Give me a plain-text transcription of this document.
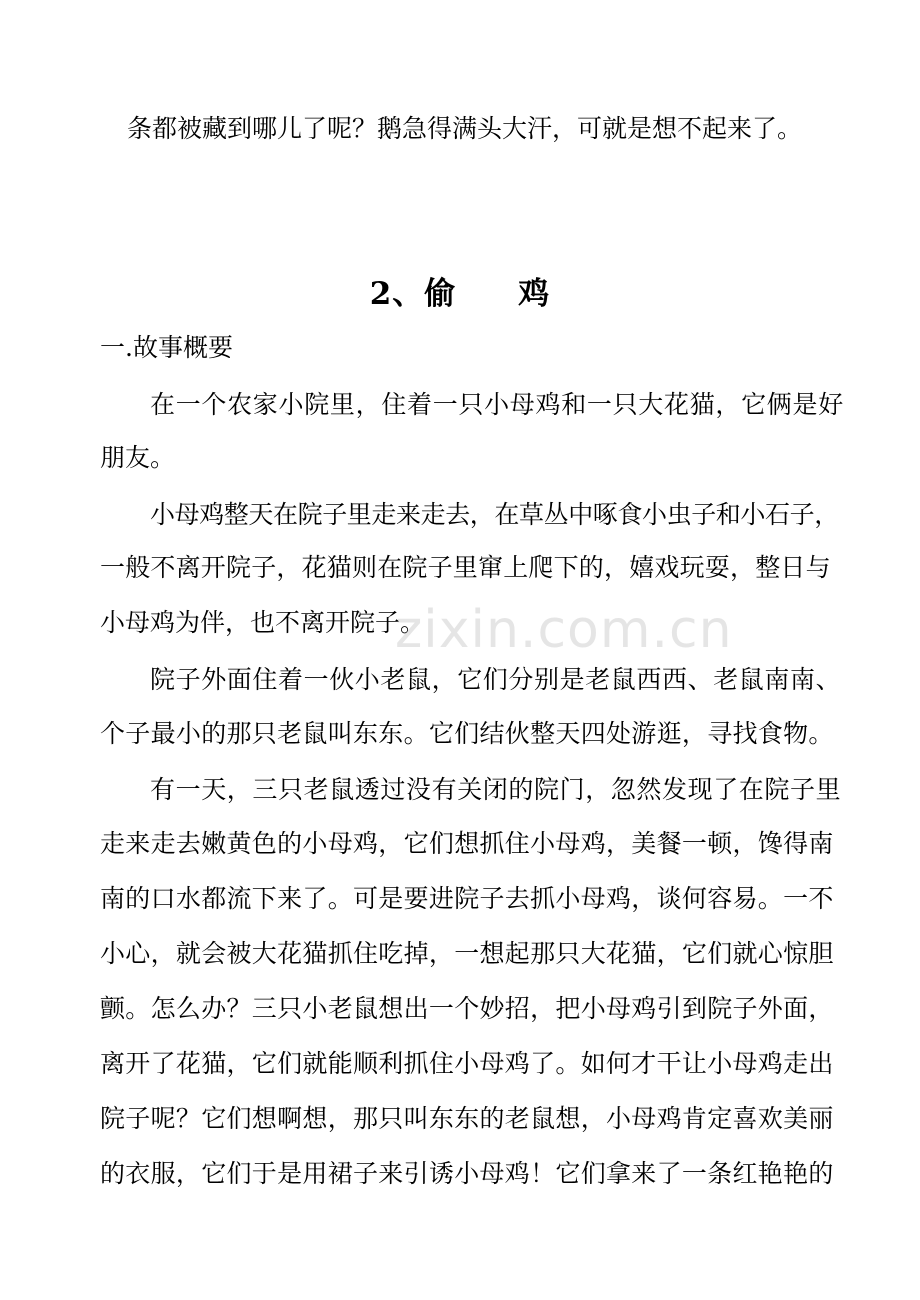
条都被藏到哪儿了呢？鹅急得满头大汗，可就是想不起来了。
2、偷 鸡
一.故事概要
在一个农家小院里，住着一只小母鸡和一只大花猫，它俩是好
朋友。
小母鸡整天在院子里走来走去，在草丛中啄食小虫子和小石子，
一般不离开院子，花猫则在院子里窜上爬下的，嬉戏玩耍，整日与
小母鸡为伴，也不离开院子。
院子外面住着一伙小老鼠，它们分别是老鼠西西、老鼠南南、
个子最小的那只老鼠叫东东。它们结伙整天四处游逛，寻找食物。
有一天，三只老鼠透过没有关闭的院门，忽然发现了在院子里
走来走去嫩黄色的小母鸡，它们想抓住小母鸡，美餐一顿，馋得南
南的口水都流下来了。可是要进院子去抓小母鸡，谈何容易。一不
小心，就会被大花猫抓住吃掉，一想起那只大花猫，它们就心惊胆
颤。怎么办？三只小老鼠想出一个妙招，把小母鸡引到院子外面，
离开了花猫，它们就能顺利抓住小母鸡了。如何才干让小母鸡走出
院子呢？它们想啊想，那只叫东东的老鼠想，小母鸡肯定喜欢美丽
的衣服，它们于是用裙子来引诱小母鸡！它们拿来了一条红艳艳的
zixin.com.cn
